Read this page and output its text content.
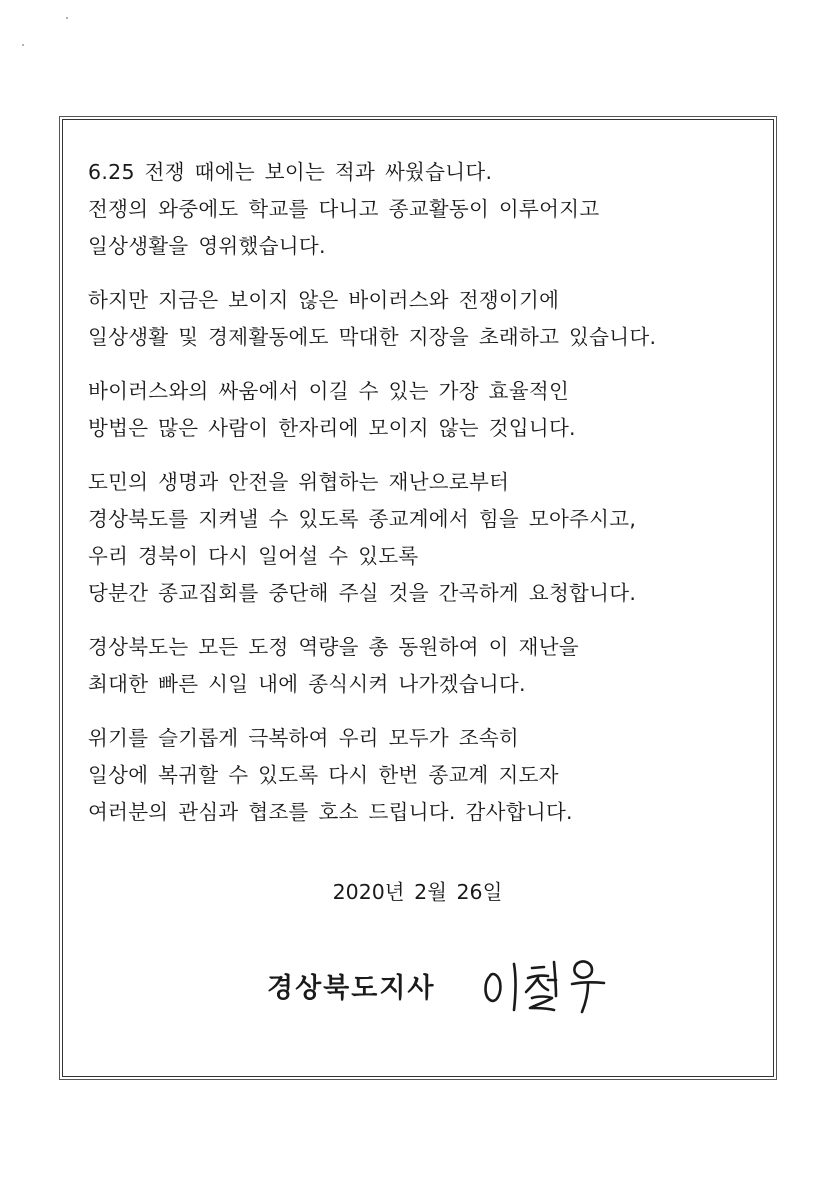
6.25 전쟁 때에는 보이는 적과 싸웠습니다.
전쟁의 와중에도 학교를 다니고 종교활동이 이루어지고
일상생활을 영위했습니다.
하지만 지금은 보이지 않은 바이러스와 전쟁이기에
일상생활 및 경제활동에도 막대한 지장을 초래하고 있습니다.
바이러스와의 싸움에서 이길 수 있는 가장 효율적인
방법은 많은 사람이 한자리에 모이지 않는 것입니다.
도민의 생명과 안전을 위협하는 재난으로부터
경상북도를 지켜낼 수 있도록 종교계에서 힘을 모아주시고,
우리 경북이 다시 일어설 수 있도록
당분간 종교집회를 중단해 주실 것을 간곡하게 요청합니다.
경상북도는 모든 도정 역량을 총 동원하여 이 재난을
최대한 빠른 시일 내에 종식시켜 나가겠습니다.
위기를 슬기롭게 극복하여 우리 모두가 조속히
일상에 복귀할 수 있도록 다시 한번 종교계 지도자
여러분의 관심과 협조를 호소 드립니다. 감사합니다.
2020년 2월 26일
경상북도지사
